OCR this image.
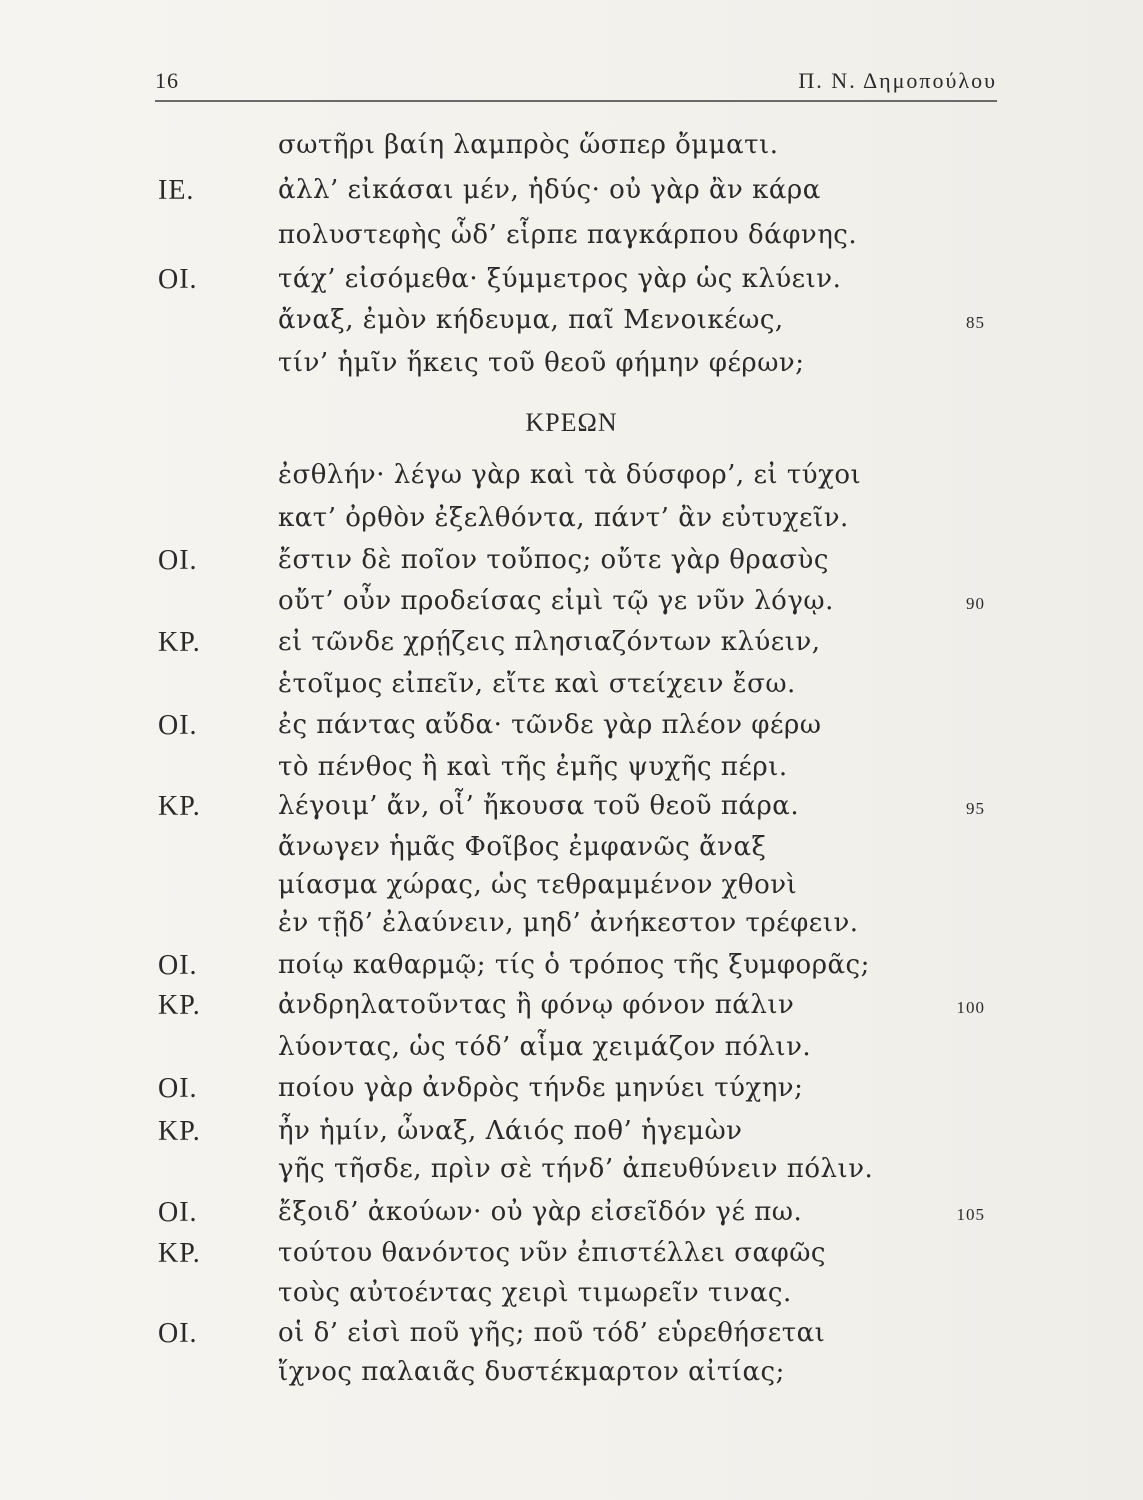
16	Π. Ν. Δημοπούλου
σωτῆρι βαίη λαμπρὸς ὥσπερ ὄμματι.
ΙΕ.	ἀλλ’ εἰκάσαι μέν, ἡδύς· οὐ γὰρ ἂν κάρα
πολυστεφὴς ὧδ’ εἷρπε παγκάρπου δάφνης.
ΟΙ.	τάχ’ εἰσόμεθα· ξύμμετρος γὰρ ὡς κλύειν.
ἄναξ, ἐμὸν κήδευμα, παῖ Μενοικέως,	85
τίν’ ἡμῖν ἥκεις τοῦ θεοῦ φήμην φέρων;
ΚΡΕΩΝ
ἐσθλήν· λέγω γὰρ καὶ τὰ δύσφορ’, εἰ τύχοι
κατ’ ὀρθὸν ἐξελθόντα, πάντ’ ἂν εὐτυχεῖν.
ΟΙ.	ἔστιν δὲ ποῖον τοὔπος; οὔτε γὰρ θρασὺς
οὔτ’ οὖν προδείσας εἰμὶ τῷ γε νῦν λόγῳ.	90
ΚΡ.	εἰ τῶνδε χρῄζεις πλησιαζόντων κλύειν,
ἑτοῖμος εἰπεῖν, εἴτε καὶ στείχειν ἔσω.
ΟΙ.	ἐς πάντας αὔδα· τῶνδε γὰρ πλέον φέρω
τὸ πένθος ἢ καὶ τῆς ἐμῆς ψυχῆς πέρι.
ΚΡ.	λέγοιμ’ ἄν, οἷ’ ἤκουσα τοῦ θεοῦ πάρα.	95
ἄνωγεν ἡμᾶς Φοῖβος ἐμφανῶς ἄναξ
μίασμα χώρας, ὡς τεθραμμένον χθονὶ
ἐν τῇδ’ ἐλαύνειν, μηδ’ ἀνήκεστον τρέφειν.
ΟΙ.	ποίῳ καθαρμῷ; τίς ὁ τρόπος τῆς ξυμφορᾶς;
ΚΡ.	ἀνδρηλατοῦντας ἢ φόνῳ φόνον πάλιν	100
λύοντας, ὡς τόδ’ αἷμα χειμάζον πόλιν.
ΟΙ.	ποίου γὰρ ἀνδρὸς τήνδε μηνύει τύχην;
ΚΡ.	ἦν ἡμίν, ὦναξ, Λάιός ποθ’ ἡγεμὼν
γῆς τῆσδε, πρὶν σὲ τήνδ’ ἀπευθύνειν πόλιν.
ΟΙ.	ἔξοιδ’ ἀκούων· οὐ γὰρ εἰσεῖδόν γέ πω.	105
ΚΡ.	τούτου θανόντος νῦν ἐπιστέλλει σαφῶς
τοὺς αὐτοέντας χειρὶ τιμωρεῖν τινας.
ΟΙ.	οἱ δ’ εἰσὶ ποῦ γῆς; ποῦ τόδ’ εὑρεθήσεται
ἴχνος παλαιᾶς δυστέκμαρτον αἰτίας;
